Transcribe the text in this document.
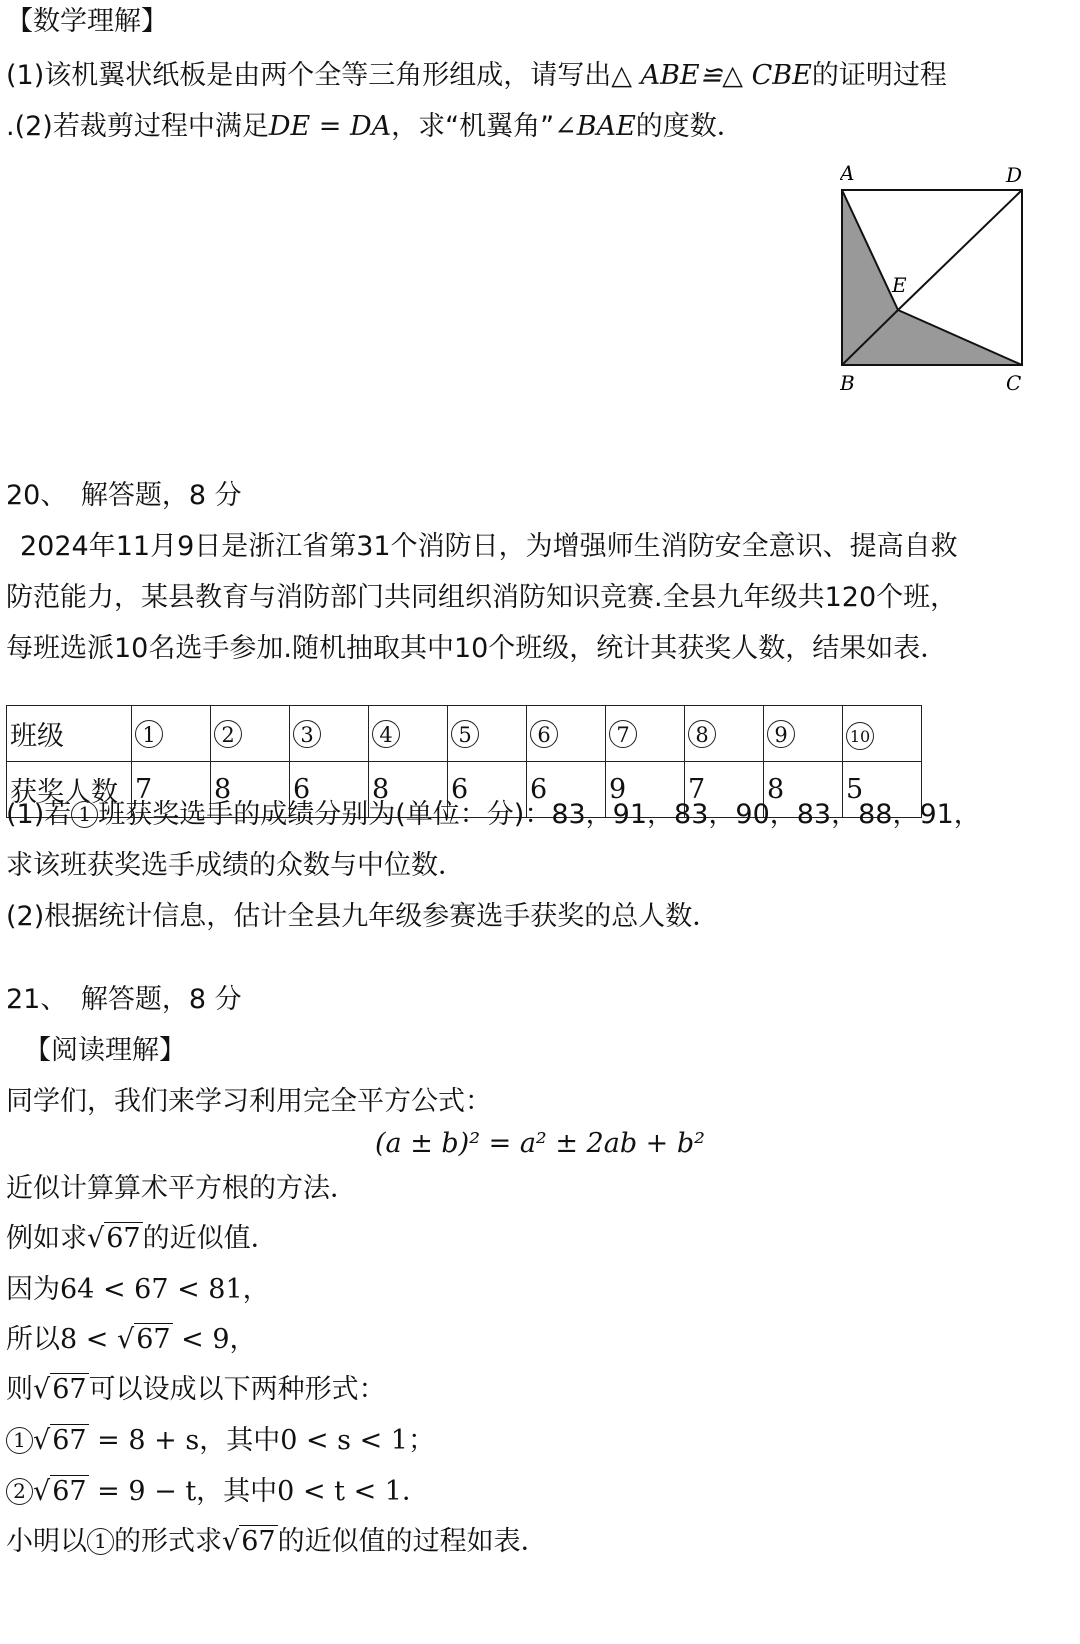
【数学理解】
(1)该机翼状纸板是由两个全等三角形组成，请写出△ ABE≌△ CBE的证明过程
.(2)若裁剪过程中满足DE = DA，求“机翼角”∠BAE的度数．
A	D
E
B	C
20、　解答题，8 分
2024年11月9日是浙江省第31个消防日，为增强师生消防安全意识、提高自救
防范能力，某县教育与消防部门共同组织消防知识竞赛.全县九年级共120个班，
每班选派10名选手参加.随机抽取其中10个班级，统计其获奖人数，结果如表．
班级	1	2	3	4	5	6	7	8	9	10
获奖人数	7	8	6	8	6	6	9	7	8	5
(1)若 1 班获奖选手的成绩分别为(单位：分)：83，91，83，90，83，88，91，
求该班获奖选手成绩的众数与中位数．
(2)根据统计信息，估计全县九年级参赛选手获奖的总人数．
21、　解答题，8 分
【阅读理解】
同学们，我们来学习利用完全平方公式：
(a ± b)² = a² ± 2ab + b²
近似计算算术平方根的方法．
例如求√67的近似值．
因为64 < 67 < 81，
所以8 < √67 < 9，
则√67可以设成以下两种形式：
1 √67 = 8 + s，其中0 < s < 1；
2 √67 = 9 − t，其中0 < t < 1．
小明以 1 的形式求√67的近似值的过程如表．
